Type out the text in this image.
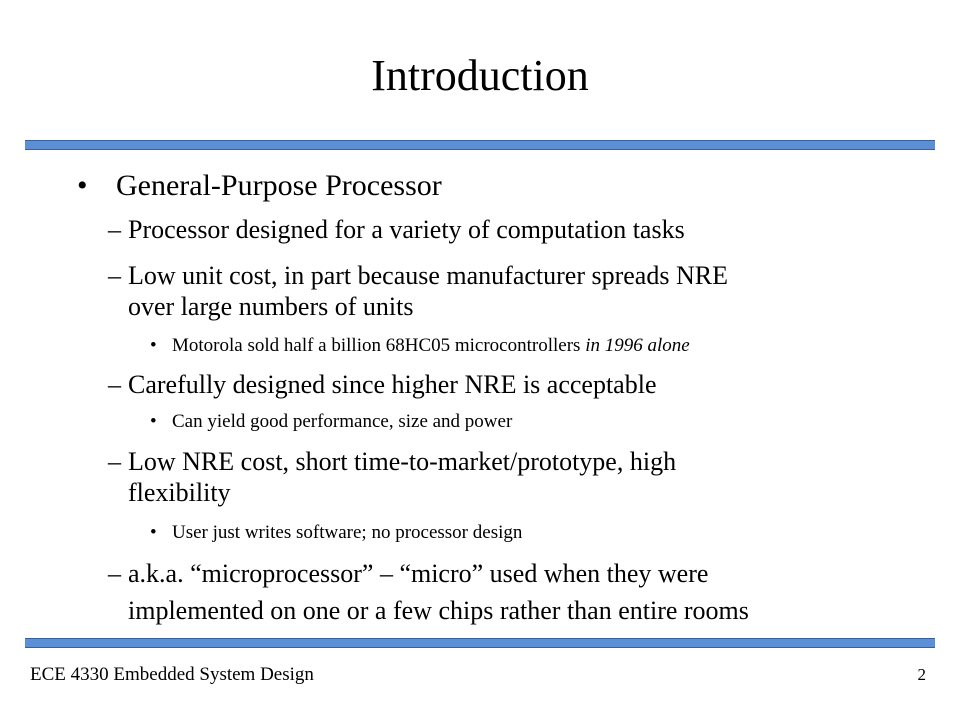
Introduction
• General-Purpose Processor
– Processor designed for a variety of computation tasks
– Low unit cost, in part because manufacturer spreads NRE
over large numbers of units
• Motorola sold half a billion 68HC05 microcontrollers in 1996 alone
– Carefully designed since higher NRE is acceptable
• Can yield good performance, size and power
– Low NRE cost, short time-to-market/prototype, high
flexibility
• User just writes software; no processor design
– a.k.a. “microprocessor” – “micro” used when they were
implemented on one or a few chips rather than entire rooms
ECE 4330 Embedded System Design	2
